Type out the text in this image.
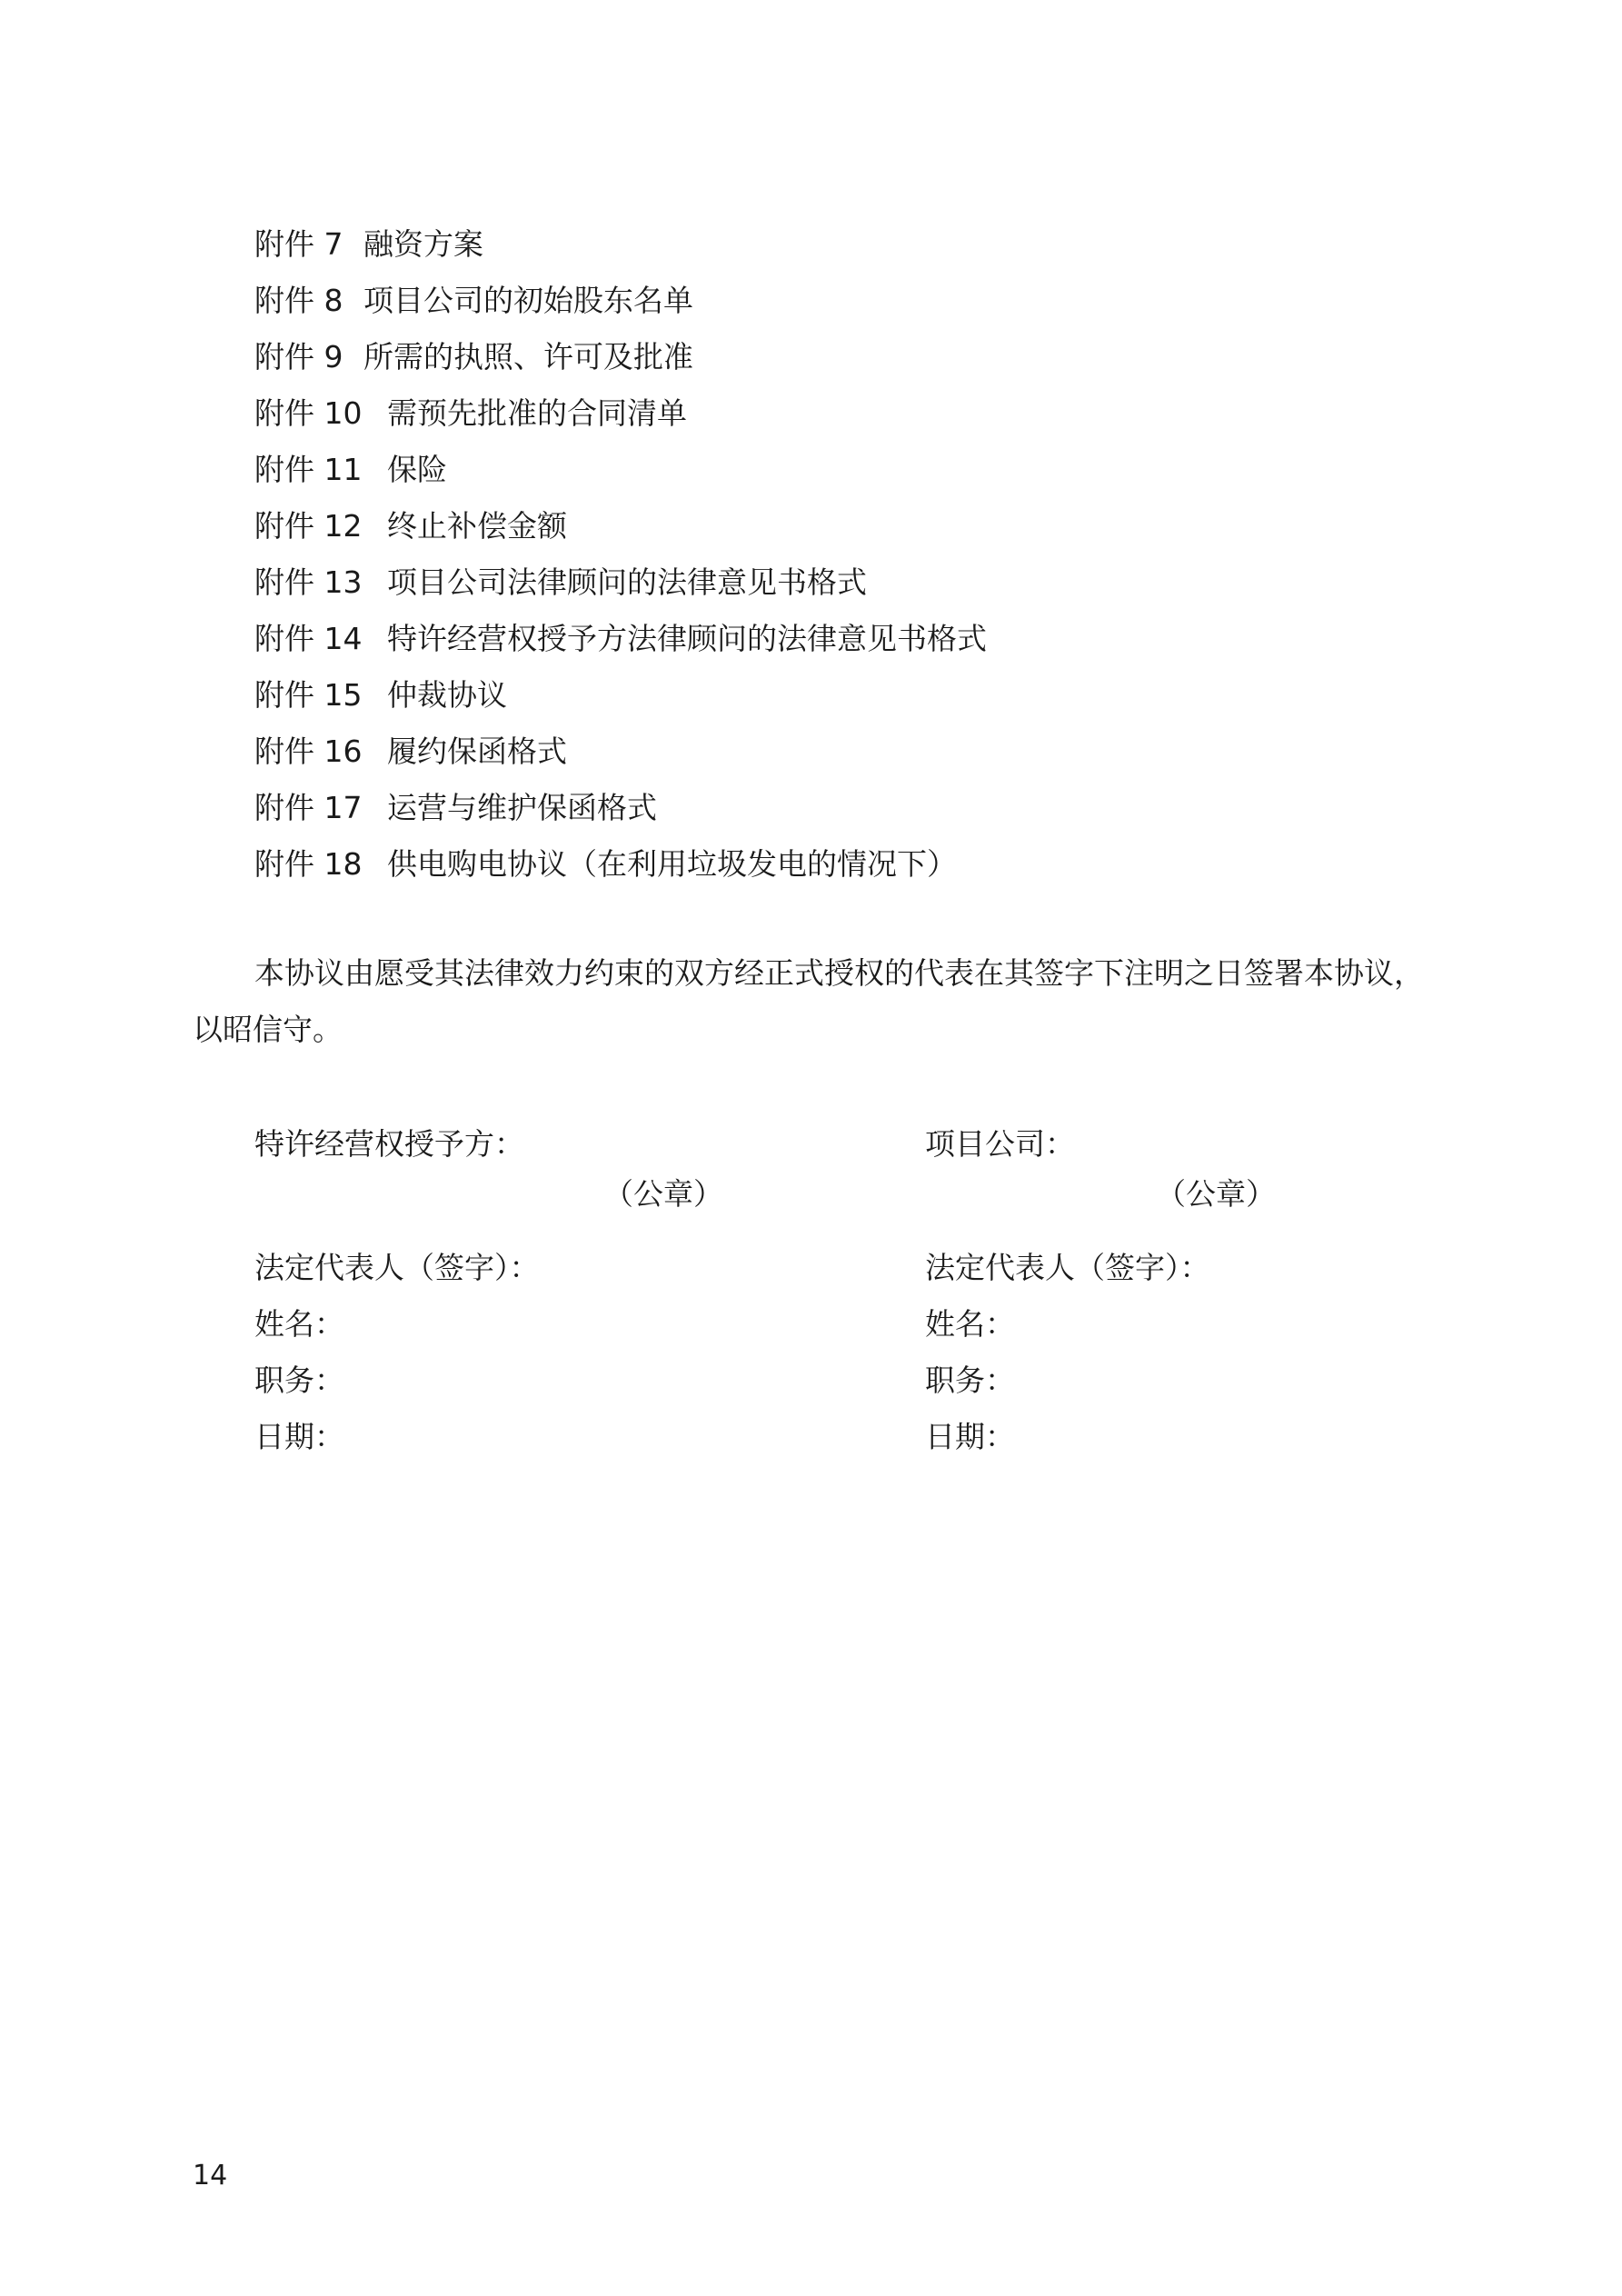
附件 7 融资方案
附件 8 项目公司的初始股东名单
附件 9 所需的执照、许可及批准
附件 10 需预先批准的合同清单
附件 11 保险
附件 12 终止补偿金额
附件 13 项目公司法律顾问的法律意见书格式
附件 14 特许经营权授予方法律顾问的法律意见书格式
附件 15 仲裁协议
附件 16 履约保函格式
附件 17 运营与维护保函格式
附件 18 供电购电协议（在利用垃圾发电的情况下）

本协议由愿受其法律效力约束的双方经正式授权的代表在其签字下注明之日签署本协议，以昭信守。

特许经营权授予方：
（公章）
法定代表人（签字）：
姓名：
职务：
日期：
项目公司：
（公章）
法定代表人（签字）：
姓名：
职务：
日期：
14
